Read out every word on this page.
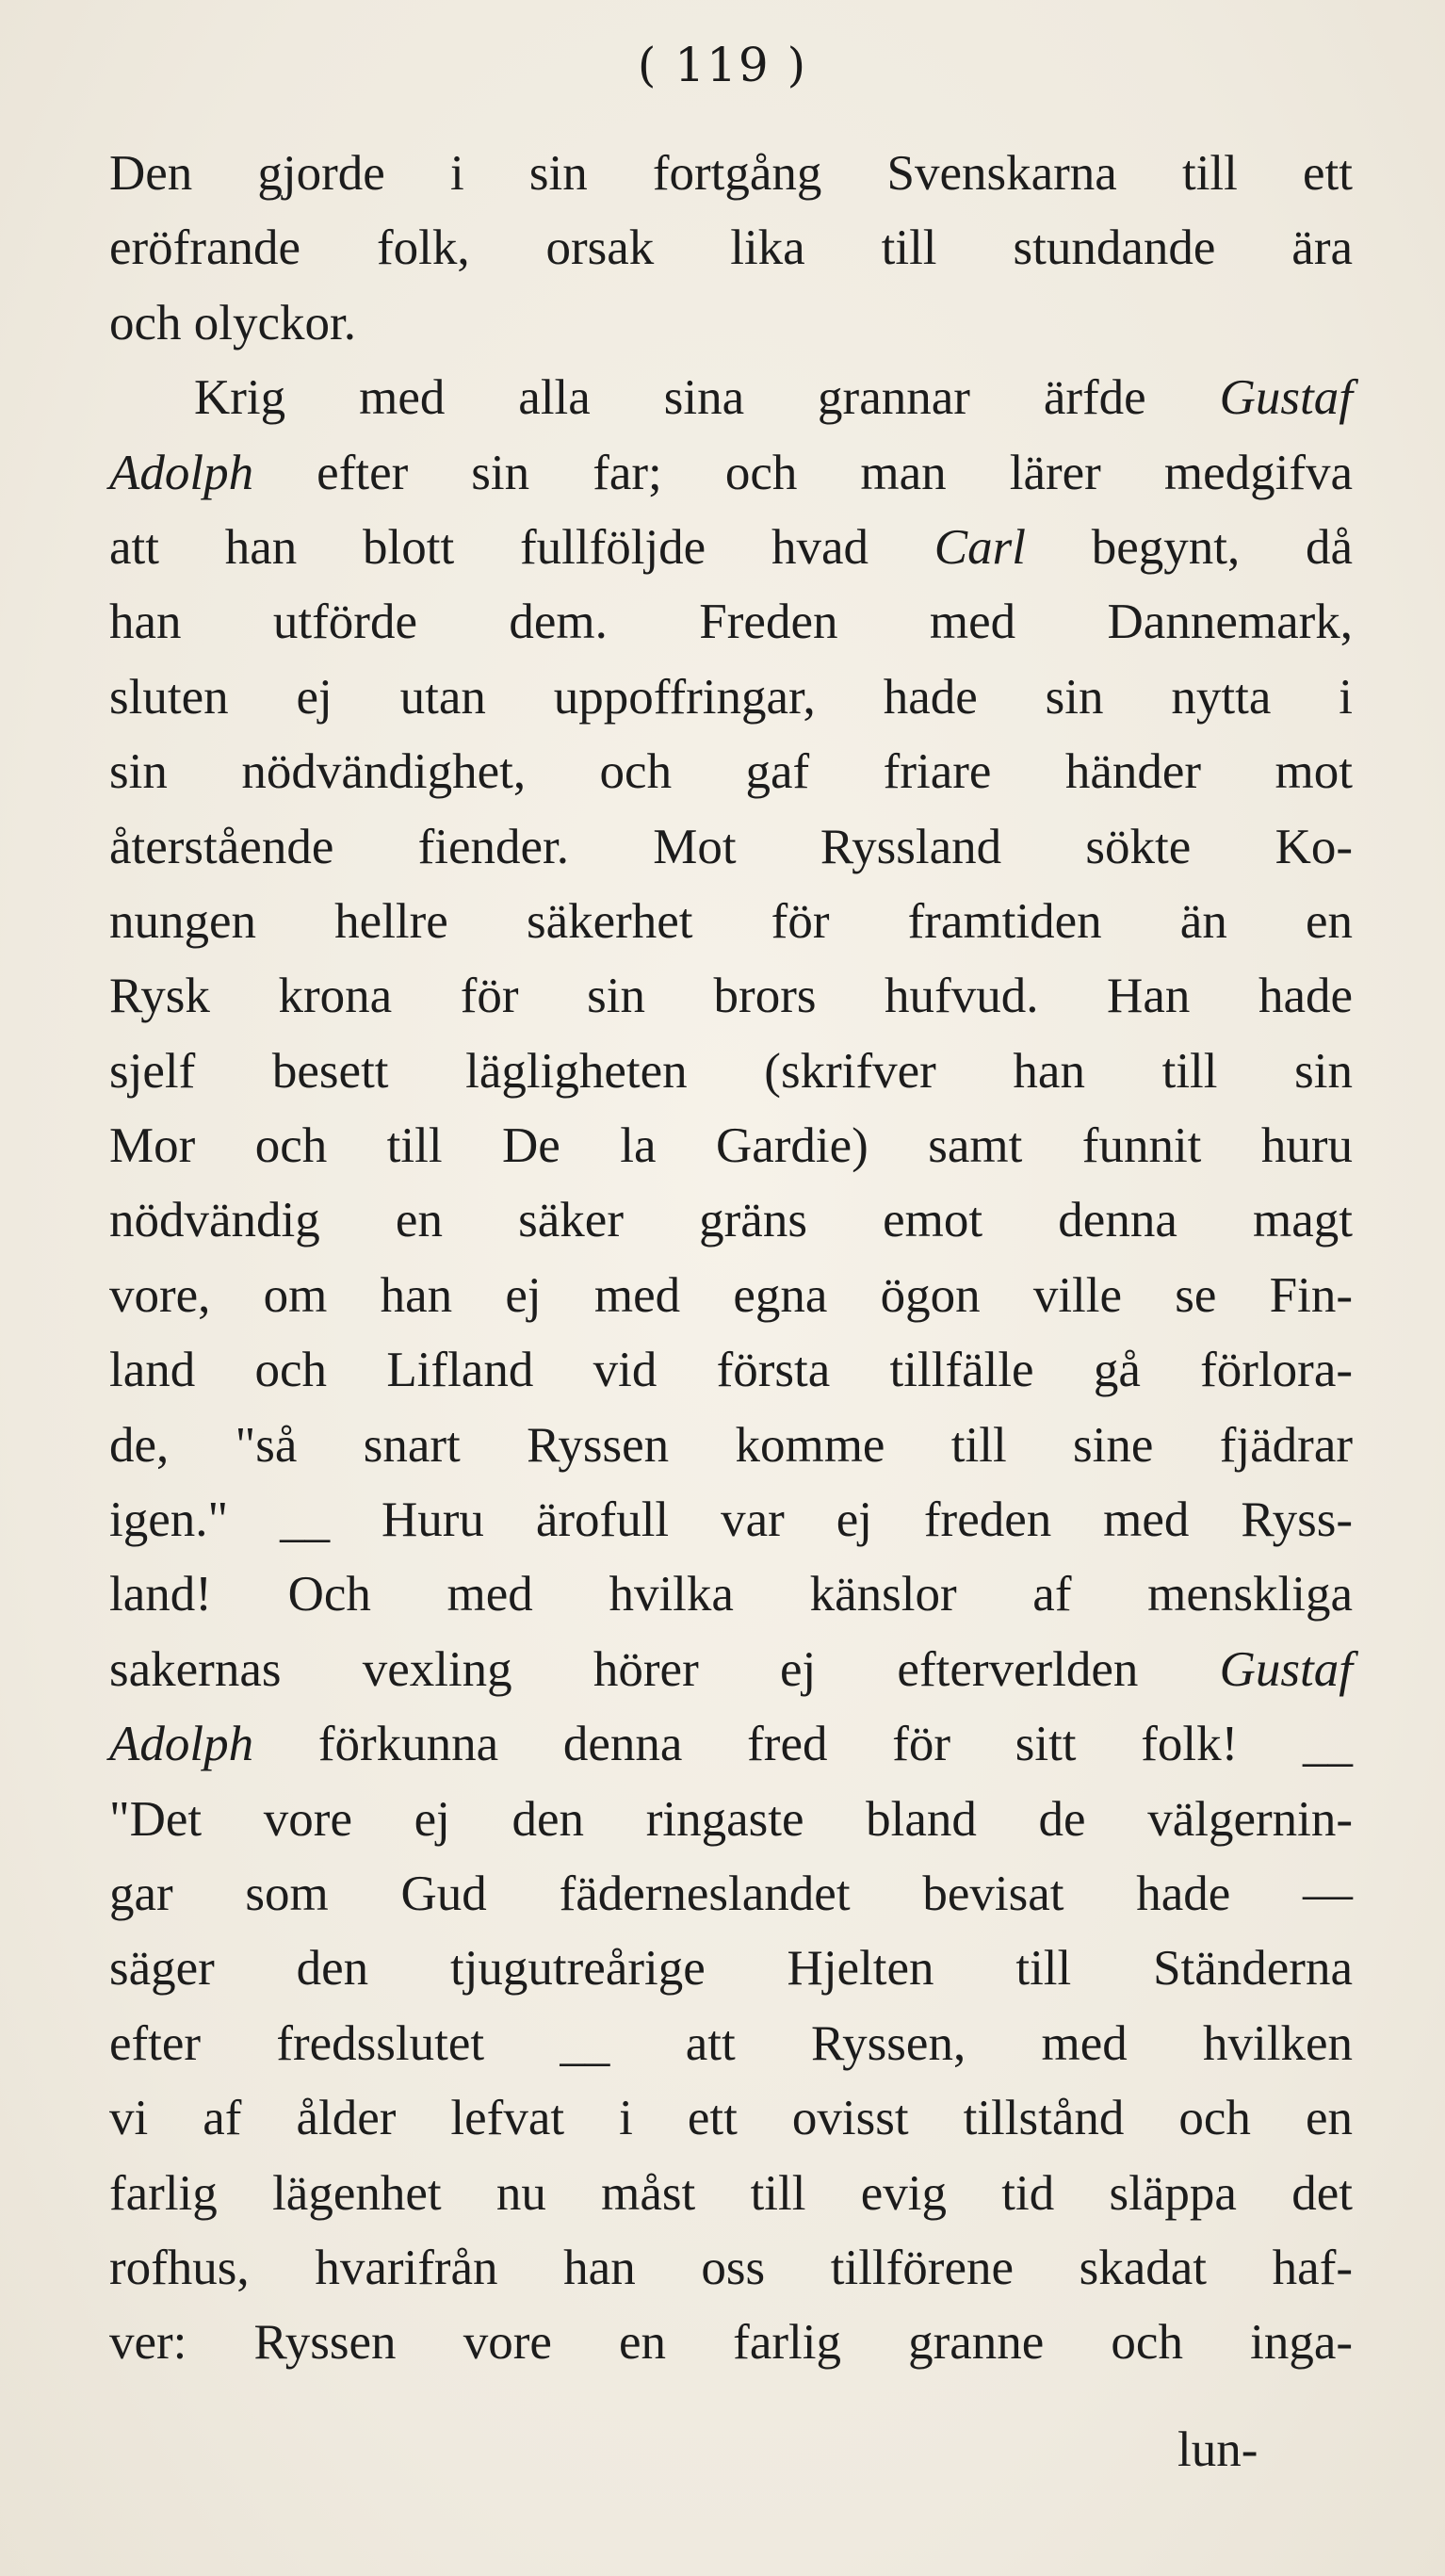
( 119 )
Den gjorde i sin fortgång Svenskarna till ett
eröfrande folk, orsak lika till stundande ära
och olyckor.
Krig med alla sina grannar ärfde Gustaf
Adolph efter sin far; och man lärer medgifva
att han blott fullföljde hvad Carl begynt, då
han utförde dem. Freden med Dannemark,
sluten ej utan uppoffringar, hade sin nytta i
sin nödvändighet, och gaf friare händer mot
återstående fiender. Mot Ryssland sökte Ko-
nungen hellre säkerhet för framtiden än en
Rysk krona för sin brors hufvud. Han hade
sjelf besett lägligheten (skrifver han till sin
Mor och till De la Gardie) samt funnit huru
nödvändig en säker gräns emot denna magt
vore, om han ej med egna ögon ville se Fin-
land och Lifland vid första tillfälle gå förlora-
de, "så snart Ryssen komme till sine fjädrar
igen." __ Huru ärofull var ej freden med Ryss-
land! Och med hvilka känslor af menskliga
sakernas vexling hörer ej efterverlden Gustaf
Adolph förkunna denna fred för sitt folk! __
"Det vore ej den ringaste bland de välgernin-
gar som Gud fäderneslandet bevisat hade —
säger den tjugutreårige Hjelten till Ständerna
efter fredsslutet __ att Ryssen, med hvilken
vi af ålder lefvat i ett ovisst tillstånd och en
farlig lägenhet nu måst till evig tid släppa det
rofhus, hvarifrån han oss tillförene skadat haf-
ver: Ryssen vore en farlig granne och inga-
lun-
